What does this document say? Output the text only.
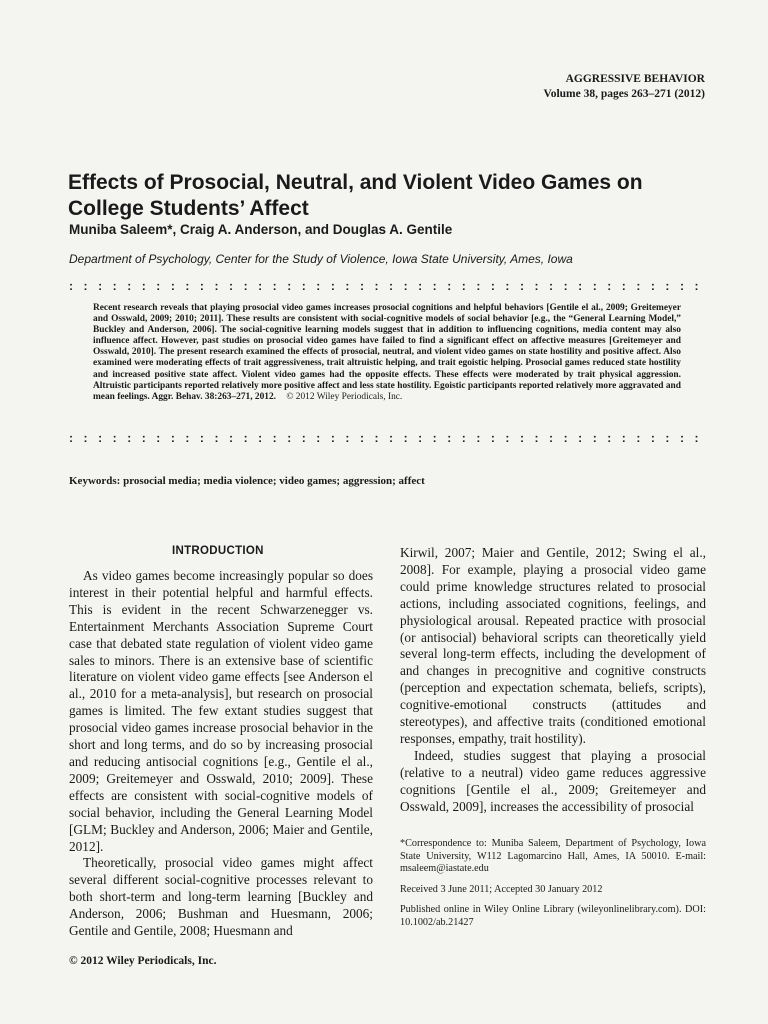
AGGRESSIVE BEHAVIOR
Volume 38, pages 263–271 (2012)
Effects of Prosocial, Neutral, and Violent Video Games on College Students’ Affect
Muniba Saleem*, Craig A. Anderson, and Douglas A. Gentile
Department of Psychology, Center for the Study of Violence, Iowa State University, Ames, Iowa
: : : : : : : : : : : : : : : : : : : : : : : : : : : : : : : : : : : : : : : : : : : :

Recent research reveals that playing prosocial video games increases prosocial cognitions and helpful behaviors [Gentile el al., 2009; Greitemeyer and Osswald, 2009; 2010; 2011]. These results are consistent with social-cognitive models of social behavior [e.g., the “General Learning Model,” Buckley and Anderson, 2006]. The social-cognitive learning models suggest that in addition to influencing cognitions, media content may also influence affect. However, past studies on prosocial video games have failed to find a significant effect on affective measures [Greitemeyer and Osswald, 2010]. The present research examined the effects of prosocial, neutral, and violent video games on state hostility and positive affect. Also examined were moderating effects of trait aggressiveness, trait altruistic helping, and trait egoistic helping. Prosocial games reduced state hostility and increased positive state affect. Violent video games had the opposite effects. These effects were moderated by trait physical aggression. Altruistic participants reported relatively more positive affect and less state hostility. Egoistic participants reported relatively more aggravated and mean feelings. Aggr. Behav. 38:263–271, 2012. © 2012 Wiley Periodicals, Inc.

: : : : : : : : : : : : : : : : : : : : : : : : : : : : : : : : : : : : : : : : : : : :
Keywords: prosocial media; media violence; video games; aggression; affect
INTRODUCTION

As video games become increasingly popular so does interest in their potential helpful and harmful effects. This is evident in the recent Schwarzenegger vs. Entertainment Merchants Association Supreme Court case that debated state regulation of violent video game sales to minors. There is an extensive base of scientific literature on violent video game effects [see Anderson el al., 2010 for a meta-analysis], but research on prosocial games is limited. The few extant studies suggest that prosocial video games increase prosocial behavior in the short and long terms, and do so by increasing prosocial and reducing antisocial cognitions [e.g., Gentile el al., 2009; Greitemeyer and Osswald, 2010; 2009]. These effects are consistent with social-cognitive models of social behavior, including the General Learning Model [GLM; Buckley and Anderson, 2006; Maier and Gentile, 2012].

Theoretically, prosocial video games might affect several different social-cognitive processes relevant to both short-term and long-term learning [Buckley and Anderson, 2006; Bushman and Huesmann, 2006; Gentile and Gentile, 2008; Huesmann and

Kirwil, 2007; Maier and Gentile, 2012; Swing el al., 2008]. For example, playing a prosocial video game could prime knowledge structures related to prosocial actions, including associated cognitions, feelings, and physiological arousal. Repeated practice with prosocial (or antisocial) behavioral scripts can theoretically yield several long-term effects, including the development of and changes in precognitive and cognitive constructs (perception and expectation schemata, beliefs, scripts), cognitive-emotional constructs (attitudes and stereotypes), and affective traits (conditioned emotional responses, empathy, trait hostility).

Indeed, studies suggest that playing a prosocial (relative to a neutral) video game reduces aggressive cognitions [Gentile el al., 2009; Greitemeyer and Osswald, 2009], increases the accessibility of prosocial

*Correspondence to: Muniba Saleem, Department of Psychology, Iowa State University, W112 Lagomarcino Hall, Ames, IA 50010. E-mail: msaleem@iastate.edu

Received 3 June 2011; Accepted 30 January 2012

Published online in Wiley Online Library (wileyonlinelibrary.com). DOI: 10.1002/ab.21427

© 2012 Wiley Periodicals, Inc.
